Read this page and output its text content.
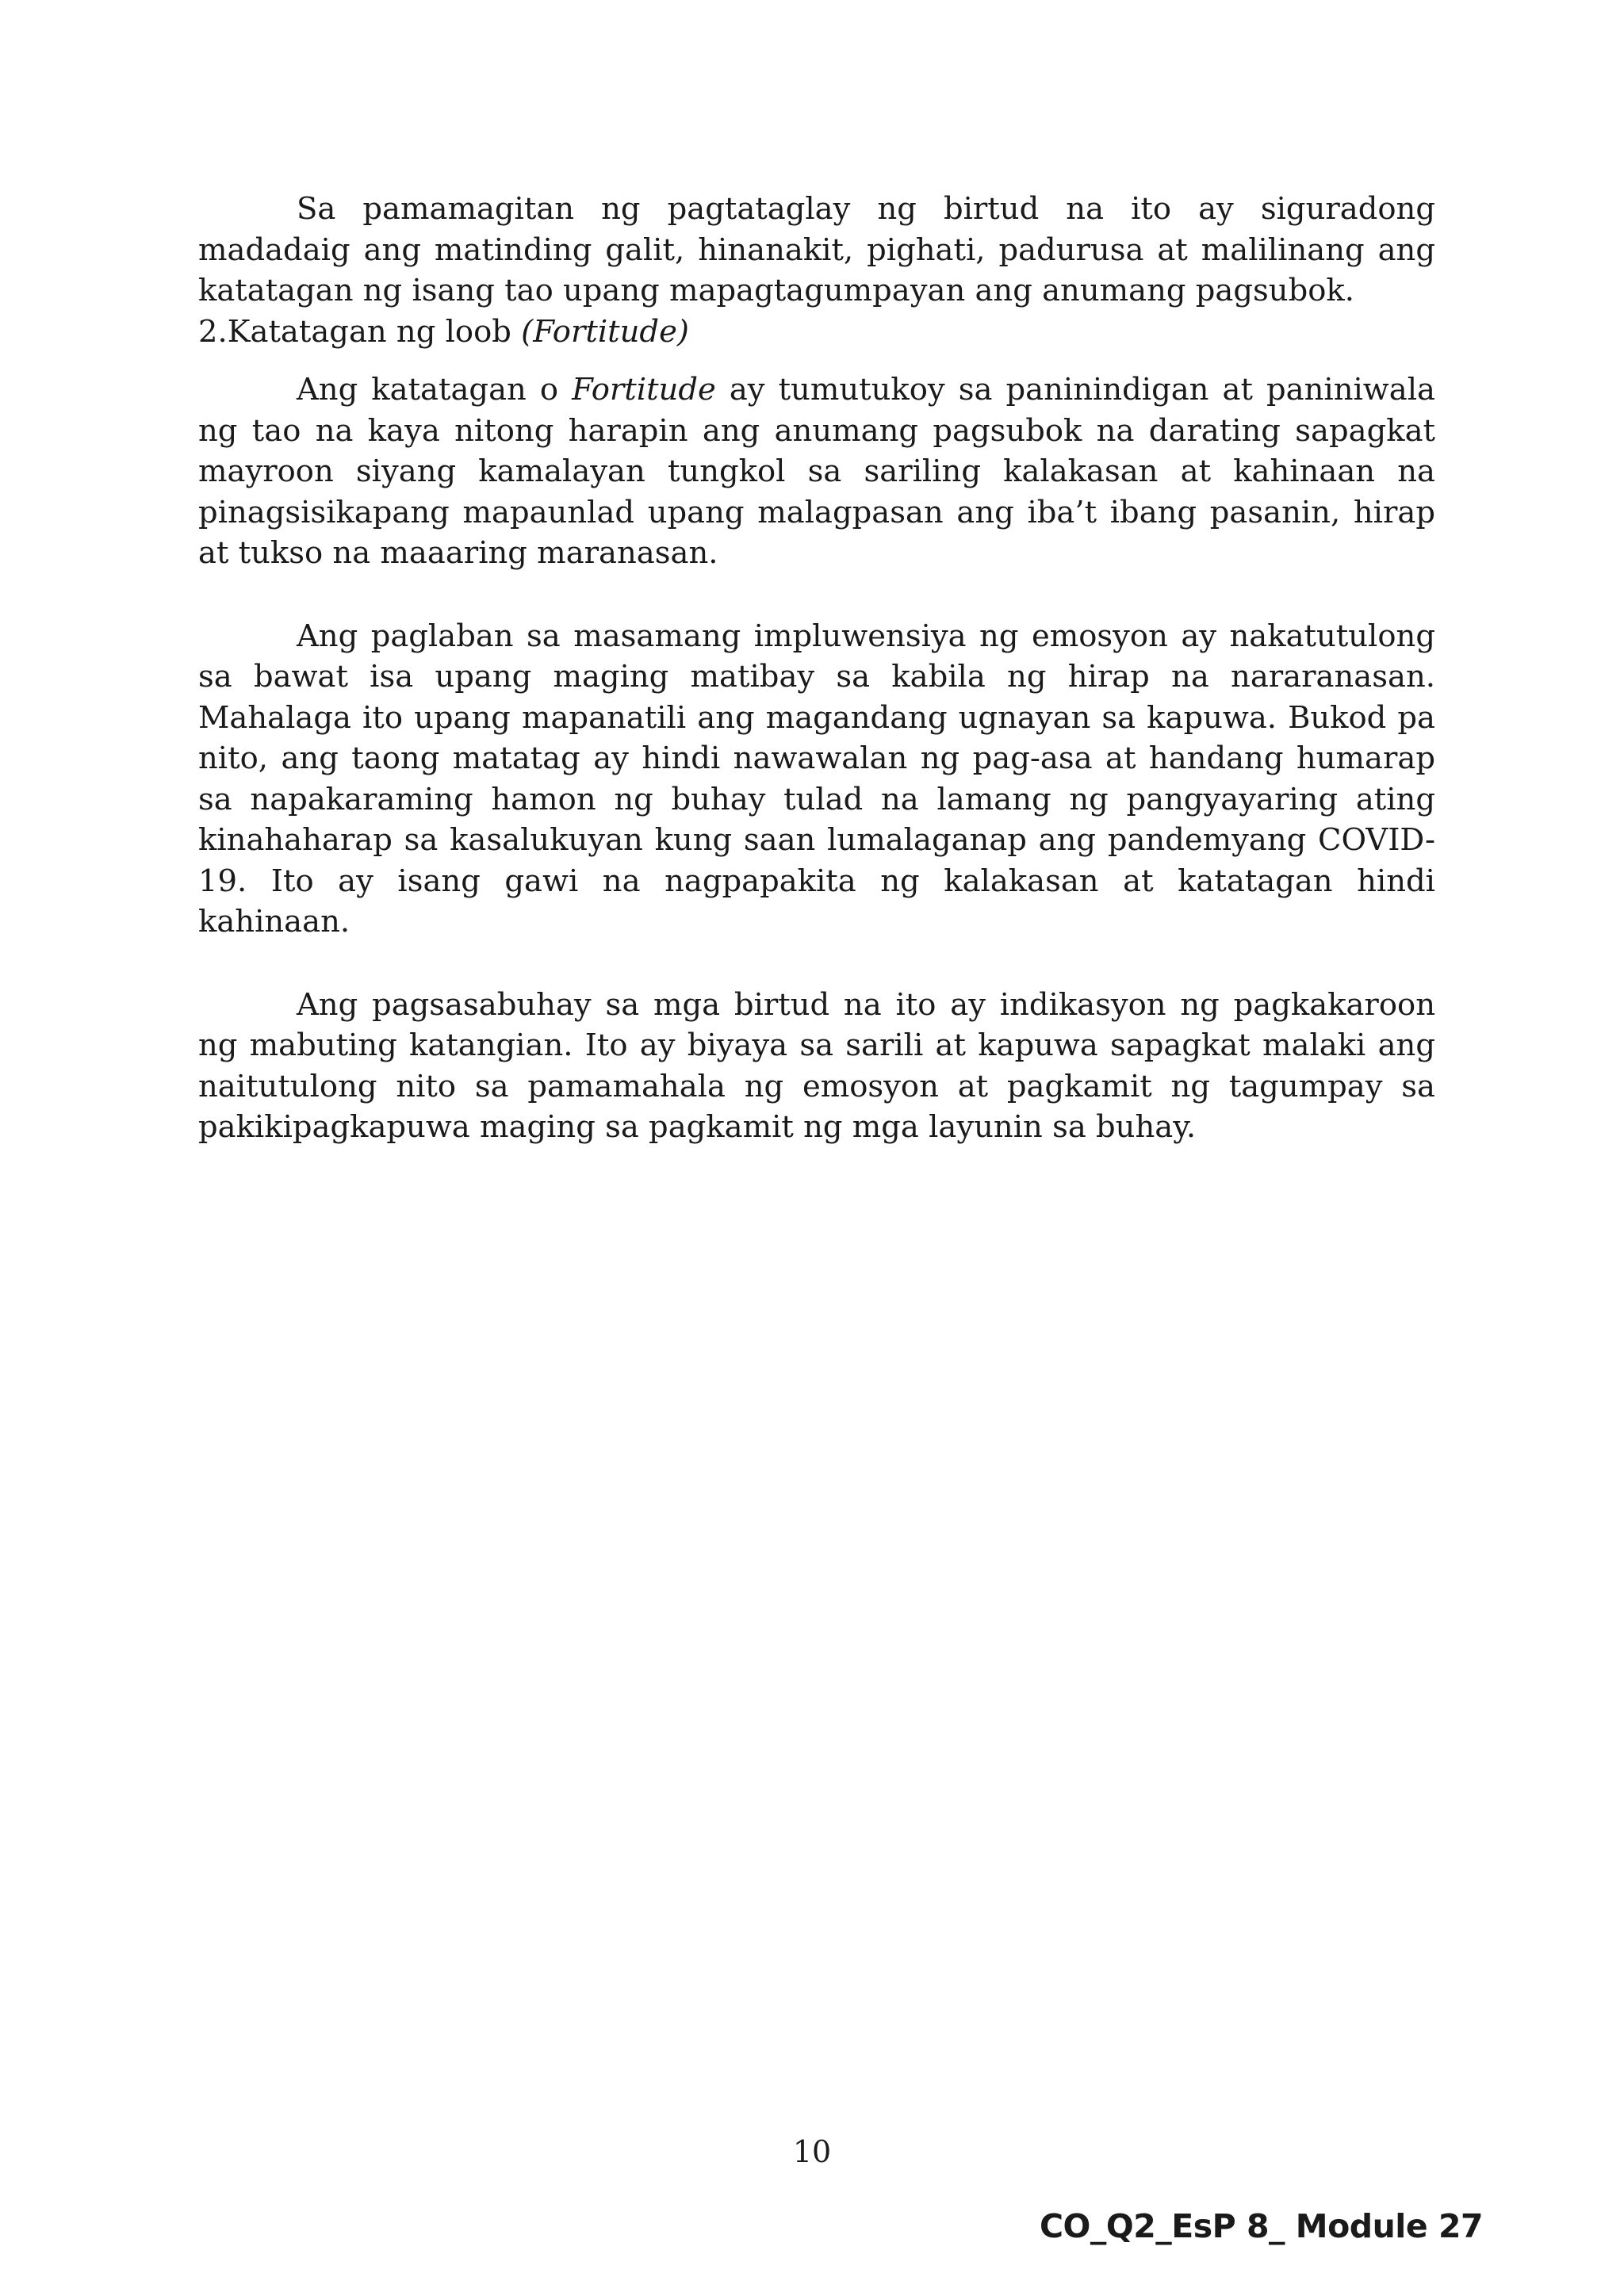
Sa pamamagitan ng pagtataglay ng birtud na ito ay siguradong madadaig ang matinding galit, hinanakit, pighati, padurusa at malilinang ang katatagan ng isang tao upang mapagtagumpayan ang anumang pagsubok.

2.Katatagan ng loob (Fortitude)

Ang katatagan o Fortitude ay tumutukoy sa paninindigan at paniniwala ng tao na kaya nitong harapin ang anumang pagsubok na darating sapagkat mayroon siyang kamalayan tungkol sa sariling kalakasan at kahinaan na pinagsisikapang mapaunlad upang malagpasan ang iba’t ibang pasanin, hirap at tukso na maaaring maranasan.

Ang paglaban sa masamang impluwensiya ng emosyon ay nakatutulong sa bawat isa upang maging matibay sa kabila ng hirap na nararanasan. Mahalaga ito upang mapanatili ang magandang ugnayan sa kapuwa. Bukod pa nito, ang taong matatag ay hindi nawawalan ng pag-asa at handang humarap sa napakaraming hamon ng buhay tulad na lamang ng pangyayaring ating kinahaharap sa kasalukuyan kung saan lumalaganap ang pandemyang COVID-19. Ito ay isang gawi na nagpapakita ng kalakasan at katatagan hindi kahinaan.

Ang pagsasabuhay sa mga birtud na ito ay indikasyon ng pagkakaroon ng mabuting katangian. Ito ay biyaya sa sarili at kapuwa sapagkat malaki ang naitutulong nito sa pamamahala ng emosyon at pagkamit ng tagumpay sa pakikipagkapuwa maging sa pagkamit ng mga layunin sa buhay.

10
CO_Q2_EsP 8_ Module 27
